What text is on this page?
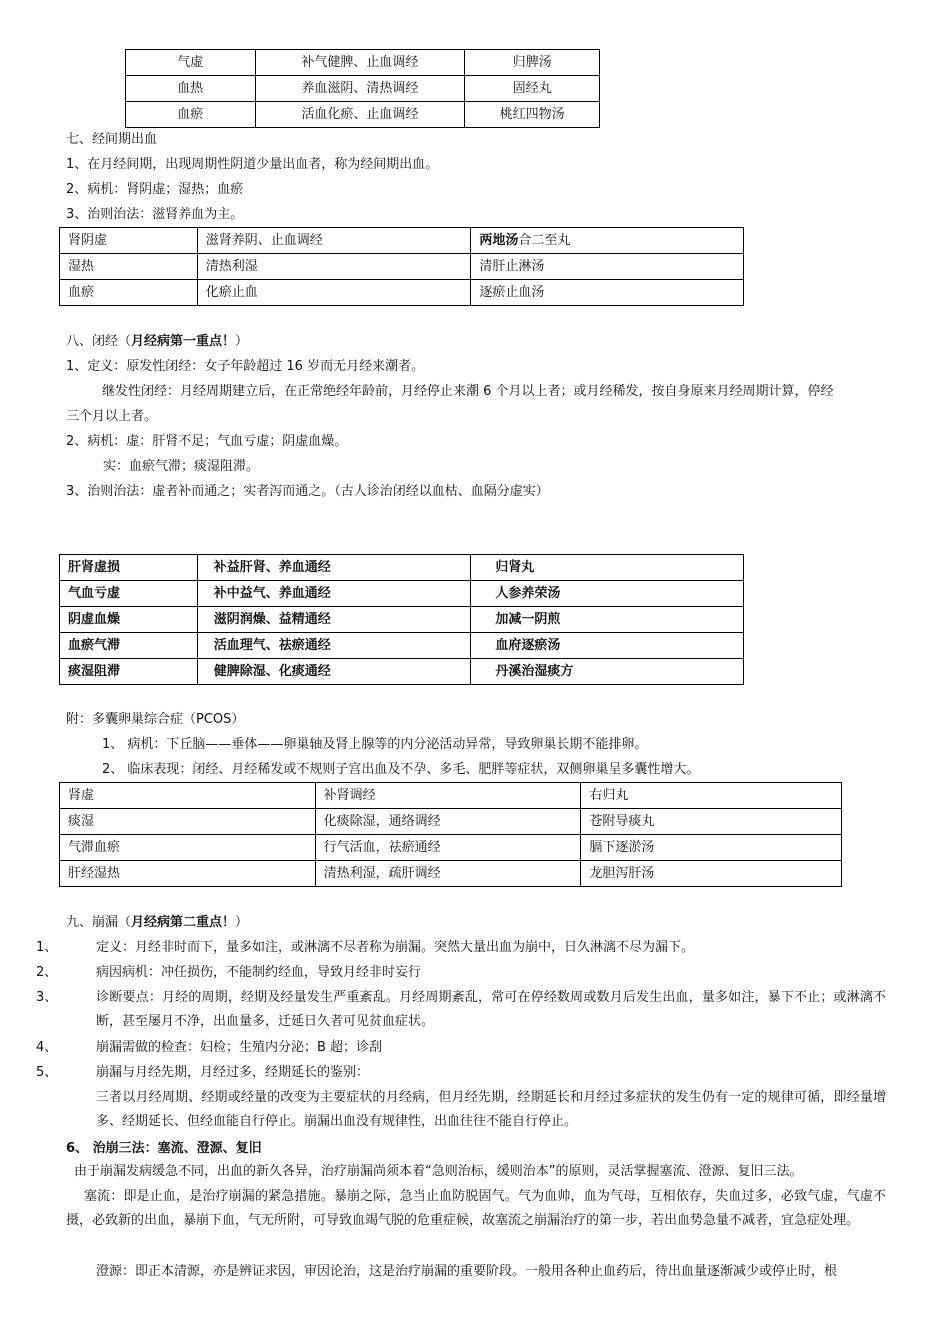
气虚	补气健脾、止血调经	归脾汤
血热	养血滋阴、清热调经	固经丸
血瘀	活血化瘀、止血调经	桃红四物汤
七、经间期出血
1、在月经间期，出现周期性阴道少量出血者，称为经间期出血。
2、病机：肾阴虚；湿热；血瘀
3、治则治法：滋肾养血为主。
肾阴虚	滋肾养阴、止血调经	两地汤合二至丸
湿热	清热利湿	清肝止淋汤
血瘀	化瘀止血	逐瘀止血汤
八、闭经（月经病第一重点！）
1、定义：原发性闭经：女子年龄超过 16 岁而无月经来潮者。
继发性闭经：月经周期建立后，在正常绝经年龄前，月经停止来潮 6 个月以上者；或月经稀发，按自身原来月经周期计算，停经
三个月以上者。
2、病机：虚：肝肾不足；气血亏虚；阴虚血燥。
实：血瘀气滞；痰湿阻滞。
3、治则治法：虚者补而通之；实者泻而通之。（古人诊治闭经以血枯、血隔分虚实）
肝肾虚损	补益肝肾、养血通经	归肾丸
气血亏虚	补中益气、养血通经	人参养荣汤
阴虚血燥	滋阴润燥、益精通经	加减一阴煎
血瘀气滞	活血理气、祛瘀通经	血府逐瘀汤
痰湿阻滞	健脾除湿、化痰通经	丹溪治湿痰方
附：多囊卵巢综合症（PCOS）
1、 病机：下丘脑——垂体——卵巢轴及肾上腺等的内分泌活动异常，导致卵巢长期不能排卵。
2、 临床表现：闭经、月经稀发或不规则子宫出血及不孕、多毛、肥胖等症状，双侧卵巢呈多囊性增大。
肾虚	补肾调经	右归丸
痰湿	化痰除湿，通络调经	苍附导痰丸
气滞血瘀	行气活血，祛瘀通经	膈下逐淤汤
肝经湿热	清热利湿，疏肝调经	龙胆泻肝汤
九、崩漏（月经病第二重点！）
1、	定义：月经非时而下，量多如注，或淋漓不尽者称为崩漏。突然大量出血为崩中，日久淋漓不尽为漏下。
2、	病因病机：冲任损伤，不能制约经血，导致月经非时妄行
3、	诊断要点：月经的周期，经期及经量发生严重紊乱。月经周期紊乱，常可在停经数周或数月后发生出血，量多如注，暴下不止；或淋漓不断，甚至屡月不净，出血量多，迁延日久者可见贫血症状。
4、	崩漏需做的检查：妇检；生殖内分泌；B 超；诊刮
5、	崩漏与月经先期，月经过多，经期延长的鉴别：
三者以月经周期、经期或经量的改变为主要症状的月经病，但月经先期，经期延长和月经过多症状的发生仍有一定的规律可循，即经量增多、经期延长、但经血能自行停止。崩漏出血没有规律性，出血往往不能自行停止。
6、 治崩三法：塞流、澄源、复旧
由于崩漏发病缓急不同，出血的新久各异，治疗崩漏尚须本着“急则治标，缓则治本”的原则，灵活掌握塞流、澄源、复旧三法。
塞流：即是止血，是治疗崩漏的紧急措施。暴崩之际，急当止血防脱固气。气为血帅，血为气母，互相依存，失血过多，必致气虚，气虚不摄，必致新的出血，暴崩下血，气无所附，可导致血竭气脱的危重症候，故塞流之崩漏治疗的第一步，若出血势急量不减者，宜急症处理。
澄源：即正本清源，亦是辨证求因，审因论治，这是治疗崩漏的重要阶段。一般用各种止血药后，待出血量逐渐减少或停止时，根
